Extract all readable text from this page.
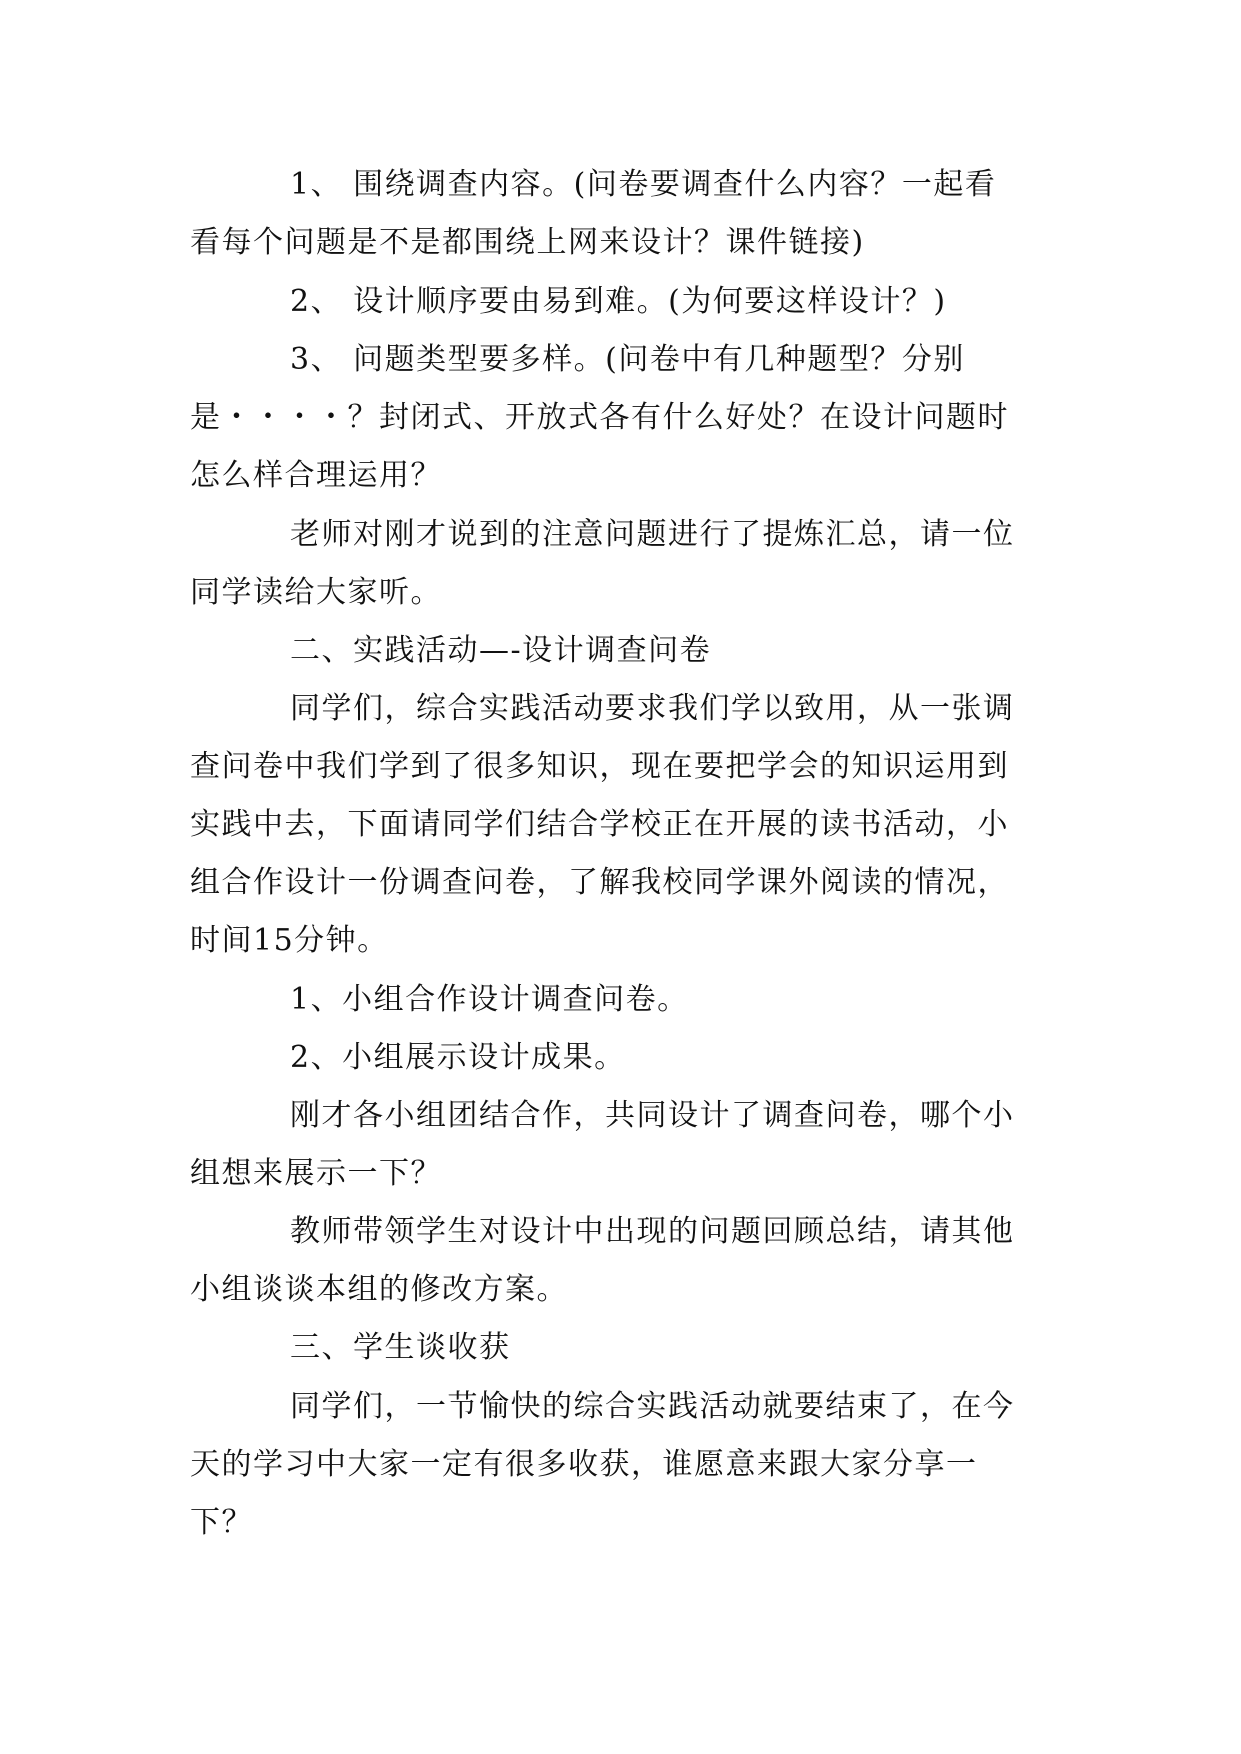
1、 围绕调查内容。(问卷要调查什么内容？一起看

看每个问题是不是都围绕上网来设计？课件链接)

2、 设计顺序要由易到难。(为何要这样设计？)

3、 问题类型要多样。(问卷中有几种题型？分别

是・・・・？封闭式、开放式各有什么好处？在设计问题时

怎么样合理运用？

老师对刚才说到的注意问题进行了提炼汇总，请一位

同学读给大家听。

二、实践活动—-设计调查问卷

同学们，综合实践活动要求我们学以致用，从一张调

查问卷中我们学到了很多知识，现在要把学会的知识运用到

实践中去，下面请同学们结合学校正在开展的读书活动，小

组合作设计一份调查问卷，了解我校同学课外阅读的情况，

时间15分钟。

1、小组合作设计调查问卷。

2、小组展示设计成果。

刚才各小组团结合作，共同设计了调查问卷，哪个小

组想来展示一下？

教师带领学生对设计中出现的问题回顾总结，请其他

小组谈谈本组的修改方案。

三、学生谈收获

同学们，一节愉快的综合实践活动就要结束了，在今

天的学习中大家一定有很多收获，谁愿意来跟大家分享一

下？
